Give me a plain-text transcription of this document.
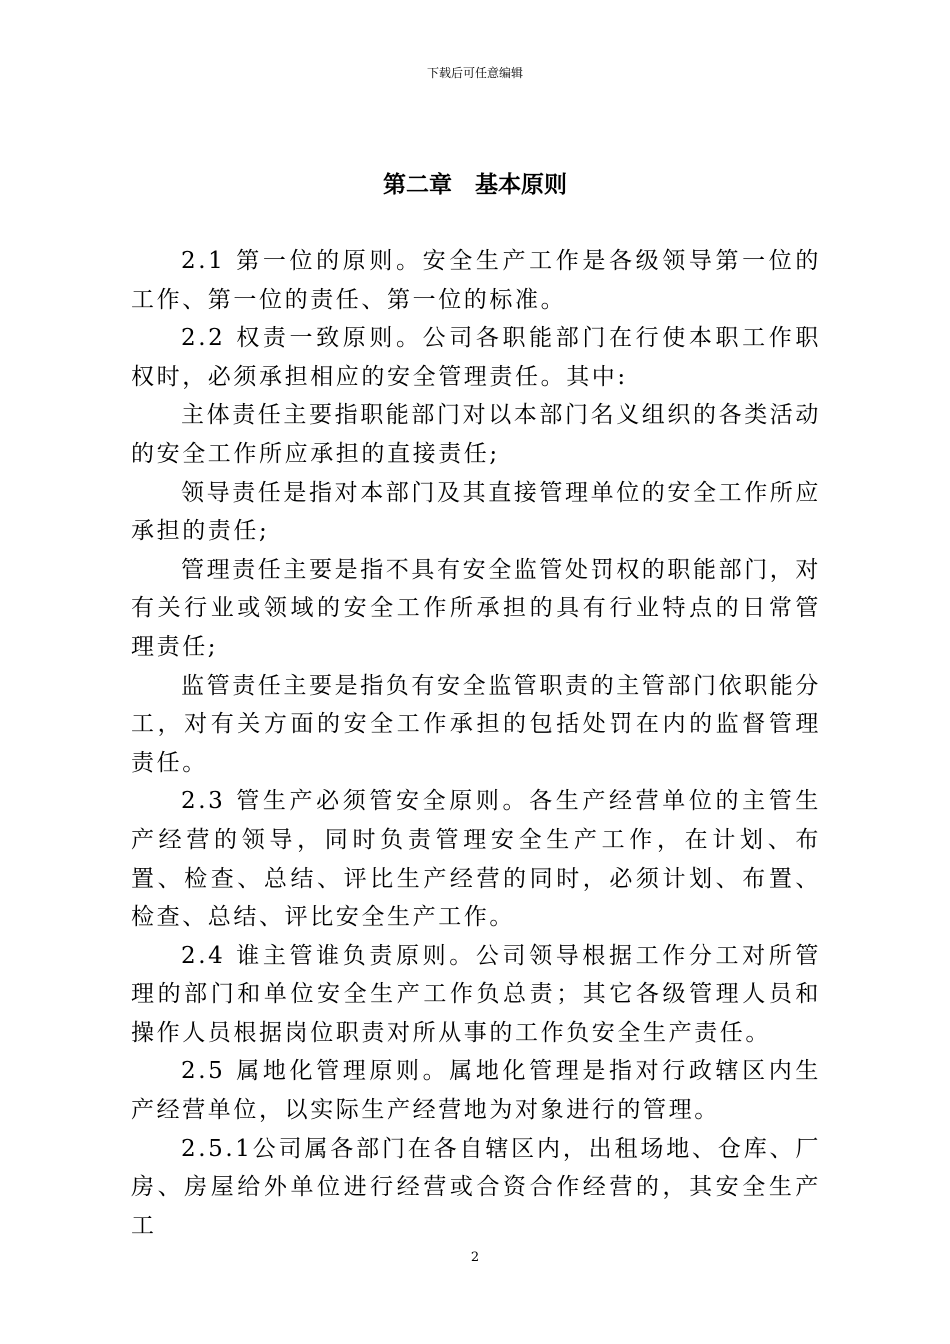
下载后可任意编辑
第二章　基本原则

2.1 第一位的原则。安全生产工作是各级领导第一位的工作、第一位的责任、第一位的标准。

2.2 权责一致原则。公司各职能部门在行使本职工作职权时，必须承担相应的安全管理责任。其中:

主体责任主要指职能部门对以本部门名义组织的各类活动的安全工作所应承担的直接责任;

领导责任是指对本部门及其直接管理单位的安全工作所应承担的责任;

管理责任主要是指不具有安全监管处罚权的职能部门，对有关行业或领域的安全工作所承担的具有行业特点的日常管理责任;

监管责任主要是指负有安全监管职责的主管部门依职能分工，对有关方面的安全工作承担的包括处罚在内的监督管理责任。

2.3 管生产必须管安全原则。各生产经营单位的主管生产经营的领导，同时负责管理安全生产工作，在计划、布置、检查、总结、评比生产经营的同时，必须计划、布置、检查、总结、评比安全生产工作。

2.4 谁主管谁负责原则。公司领导根据工作分工对所管理的部门和单位安全生产工作负总责；其它各级管理人员和操作人员根据岗位职责对所从事的工作负安全生产责任。

2.5 属地化管理原则。属地化管理是指对行政辖区内生产经营单位，以实际生产经营地为对象进行的管理。

2.5.1公司属各部门在各自辖区内，出租场地、仓库、厂房、房屋给外单位进行经营或合资合作经营的，其安全生产工

2
